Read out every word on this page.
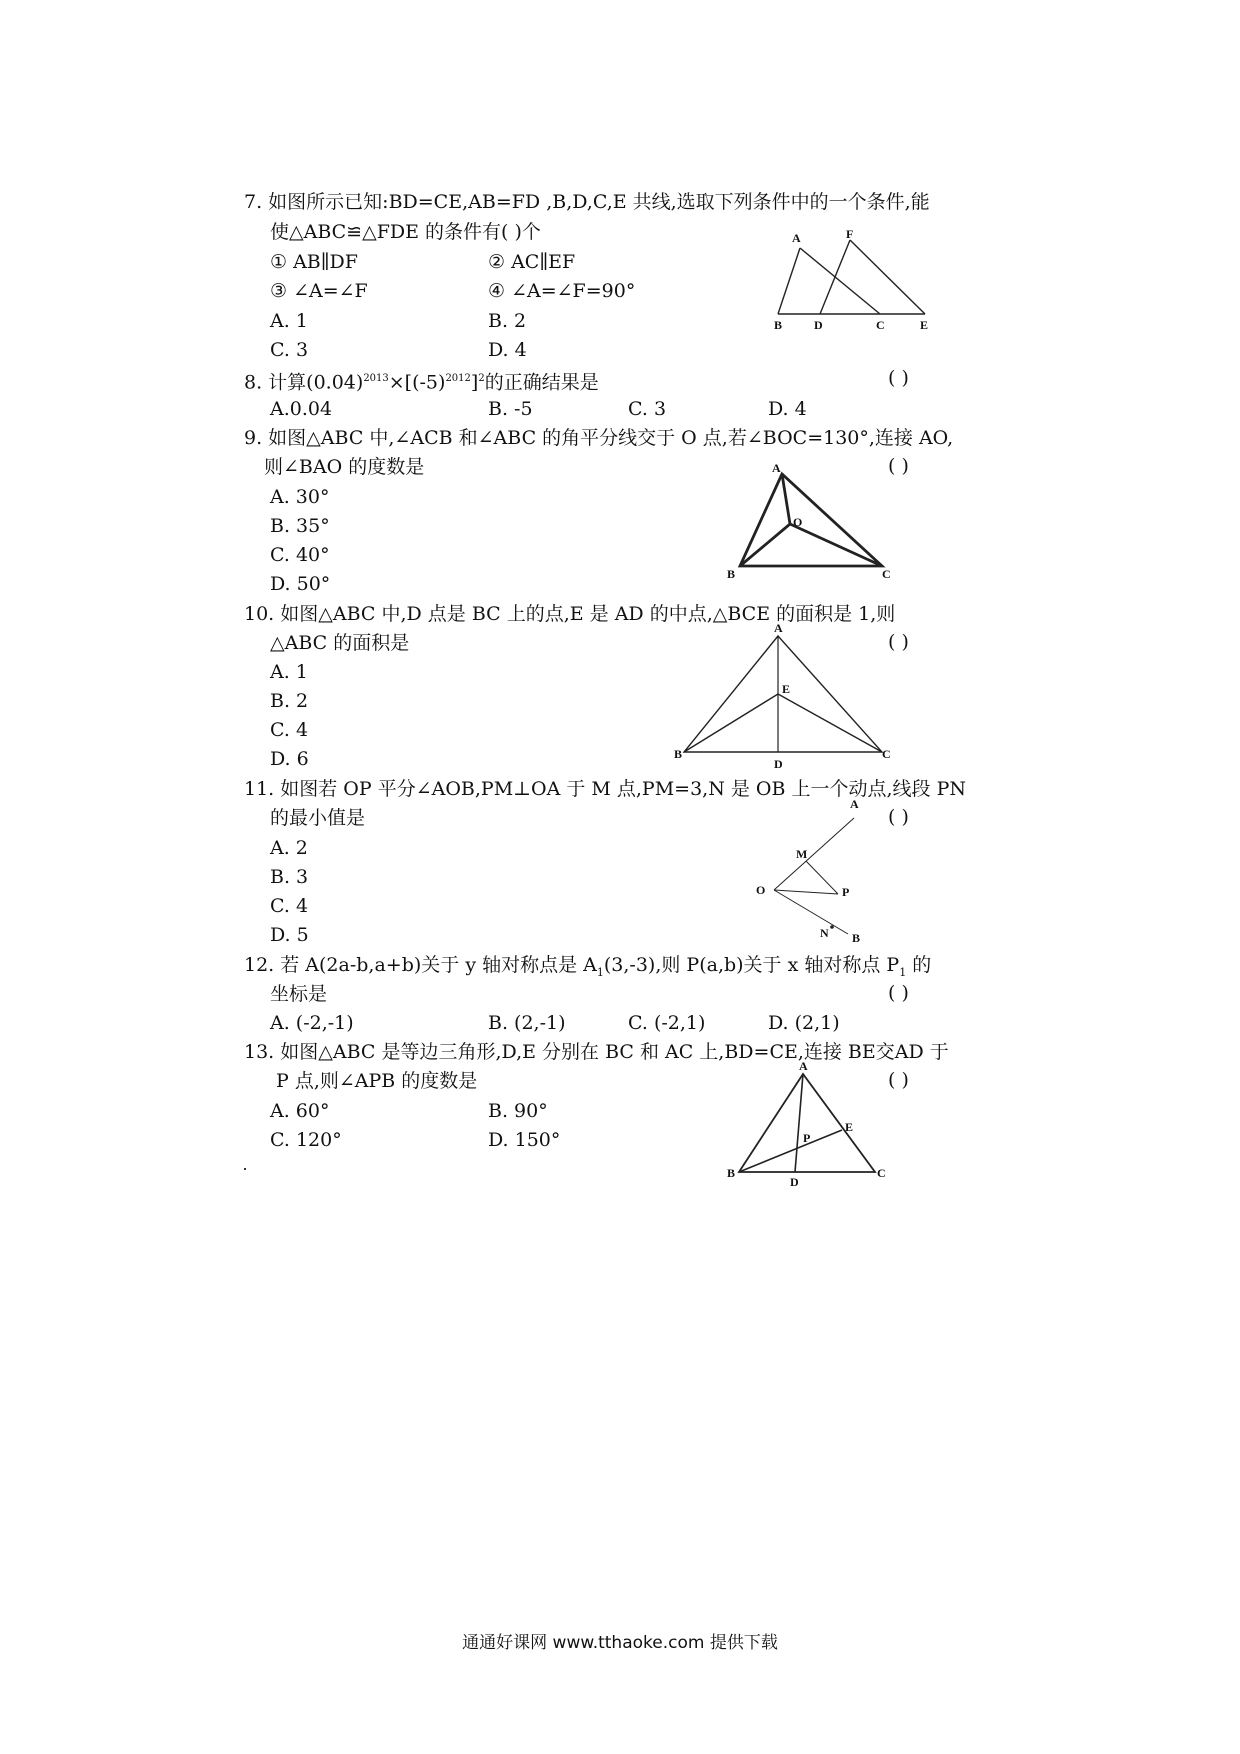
7. 如图所示已知:BD=CE,AB=FD ,B,D,C,E 共线,选取下列条件中的一个条件,能
使△ABC≌△FDE 的条件有( )个
① AB∥DF	② AC∥EF
③ ∠A=∠F	④ ∠A=∠F=90°
A. 1	B. 2
C. 3	D. 4
A	F
B	D	C	E
8. 计算$(0.04)^{2013}\times[(-5)^{2012}]^2$的正确结果是	( )
A.0.04	B. -5	C. 3	D. 4
9. 如图△ABC 中,∠ACB 和∠ABC 的角平分线交于 O 点,若∠BOC=130°,连接 AO,
则∠BAO 的度数是	( )
A. 30°
B. 35°
C. 40°
D. 50°
A
O
B	C
10. 如图△ABC 中,D 点是 BC 上的点,E 是 AD 的中点,△BCE 的面积是 1,则
△ABC 的面积是	( )
A. 1
B. 2
C. 4
D. 6
A
E
B	C
D
11. 如图若 OP 平分∠AOB,PM⊥OA 于 M 点,PM=3,N 是 OB 上一个动点,线段 PN
的最小值是	( )
A. 2
B. 3
C. 4
D. 5
A
M
O	P
N B
12. 若 A(2a-b,a+b)关于 y 轴对称点是 $A_1(3,-3)$,则 P(a,b)关于 x 轴对称点 $P_1$ 的
坐标是	( )
A. (-2,-1)	B. (2,-1)	C. (-2,1)	D. (2,1)
13. 如图△ABC 是等边三角形,D,E 分别在 BC 和 AC 上,BD=CE,连接 BE交AD 于
P 点,则∠APB 的度数是	( )
A. 60°	B. 90°
C. 120°	D. 150°
A
P
E
B
D
C
通通好课网 www.tthaoke.com 提供下载
